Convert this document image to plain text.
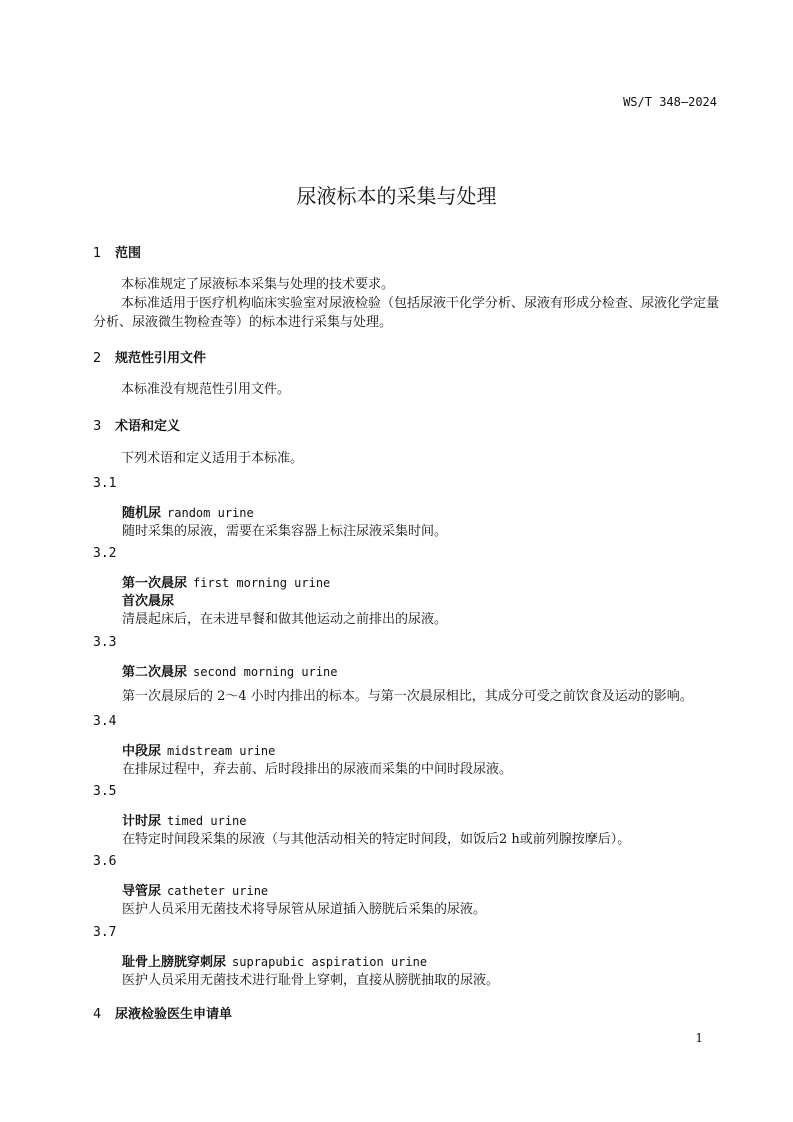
WS/T 348—2024
尿液标本的采集与处理
1 范围
本标准规定了尿液标本采集与处理的技术要求。
本标准适用于医疗机构临床实验室对尿液检验（包括尿液干化学分析、尿液有形成分检查、尿液化学定量分析、尿液微生物检查等）的标本进行采集与处理。
2 规范性引用文件
本标准没有规范性引用文件。
3 术语和定义
下列术语和定义适用于本标准。
3.1
随机尿 random urine
随时采集的尿液，需要在采集容器上标注尿液采集时间。
3.2
第一次晨尿 first morning urine
首次晨尿
清晨起床后，在未进早餐和做其他运动之前排出的尿液。
3.3
第二次晨尿 second morning urine
第一次晨尿后的 2～4 小时内排出的标本。与第一次晨尿相比，其成分可受之前饮食及运动的影响。
3.4
中段尿 midstream urine
在排尿过程中，弃去前、后时段排出的尿液而采集的中间时段尿液。
3.5
计时尿 timed urine
在特定时间段采集的尿液（与其他活动相关的特定时间段，如饭后2 h或前列腺按摩后）。
3.6
导管尿 catheter urine
医护人员采用无菌技术将导尿管从尿道插入膀胱后采集的尿液。
3.7
耻骨上膀胱穿刺尿 suprapubic aspiration urine
医护人员采用无菌技术进行耻骨上穿刺，直接从膀胱抽取的尿液。
4 尿液检验医生申请单
1
